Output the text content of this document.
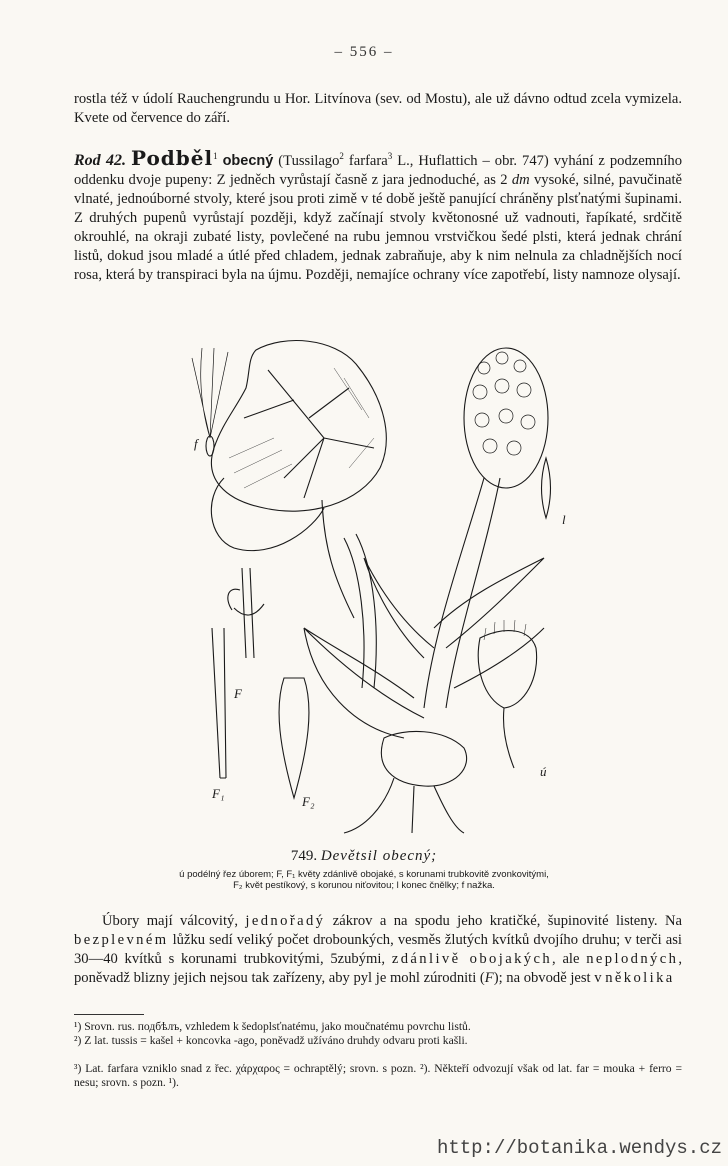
– 556 –
rostla též v údolí Rauchengrundu u Hor. Litvínova (sev. od Mostu), ale už dávno odtud zcela vymizela. Kvete od července do září.
Rod 42. Podběl$^1$ obecný (Tussilago$^2$ farfara$^3$ L., Huflattich – obr. 747) vyhání z podzemního oddenku dvoje pupeny: Z jedněch vyrůstají časně z jara jednoduché, as 2 dm vysoké, silné, pavučinatě vlnaté, jednoúborné stvoly, které jsou proti zimě v té době ještě panující chráněny plsťnatými šupinami. Z druhých pupenů vyrůstají později, když začínají stvoly květonosné už vadnouti, řapíkaté, srdčitě okrouhlé, na okraji zubaté listy, povlečené na rubu jemnou vrstvičkou šedé plsti, která jednak chrání listů, dokud jsou mladé a útlé před chladem, jednak zabraňuje, aby k nim nelnula za chladnějších nocí rosa, která by transpiraci byla na újmu. Později, nemajíce ochrany více zapotřebí, listy namnoze olysají.
f
l
F
F₁
F₂
ú
749. Devětsil obecný;
ú podélný řez úborem; F, F₁ květy zdánlivě obojaké, s korunami trubkovitě zvonkovitými,
F₂ květ pestíkový, s korunou niťovitou; l konec čnělky; f nažka.
Úbory mají válcovitý, jednořadý zákrov a na spodu jeho kratičké, šupinovité listeny. Na bezplevném lůžku sedí veliký počet drobounkých, vesměs žlutých kvítků dvojího druhu; v terči asi 30—40 kvítků s korunami trubkovitými, 5zubými, zdánlivě obojakých, ale neplodných, poněvadž blizny jejich nejsou tak zařízeny, aby pyl je mohl zúrodniti (F); na obvodě jest v několika
¹) Srovn. rus. подбѣлъ, vzhledem k šedoplsťnatému, jako moučnatému povrchu listů.
²) Z lat. tussis = kašel + koncovka -ago, poněvadž užíváno druhdy odvaru proti kašli.
³) Lat. farfara vzniklo snad z řec. χάρχαρος = ochraptělý; srovn. s pozn. ²). Někteří odvozují však od lat. far = mouka + ferro = nesu; srovn. s pozn. ¹).
http://botanika.wendys.cz
